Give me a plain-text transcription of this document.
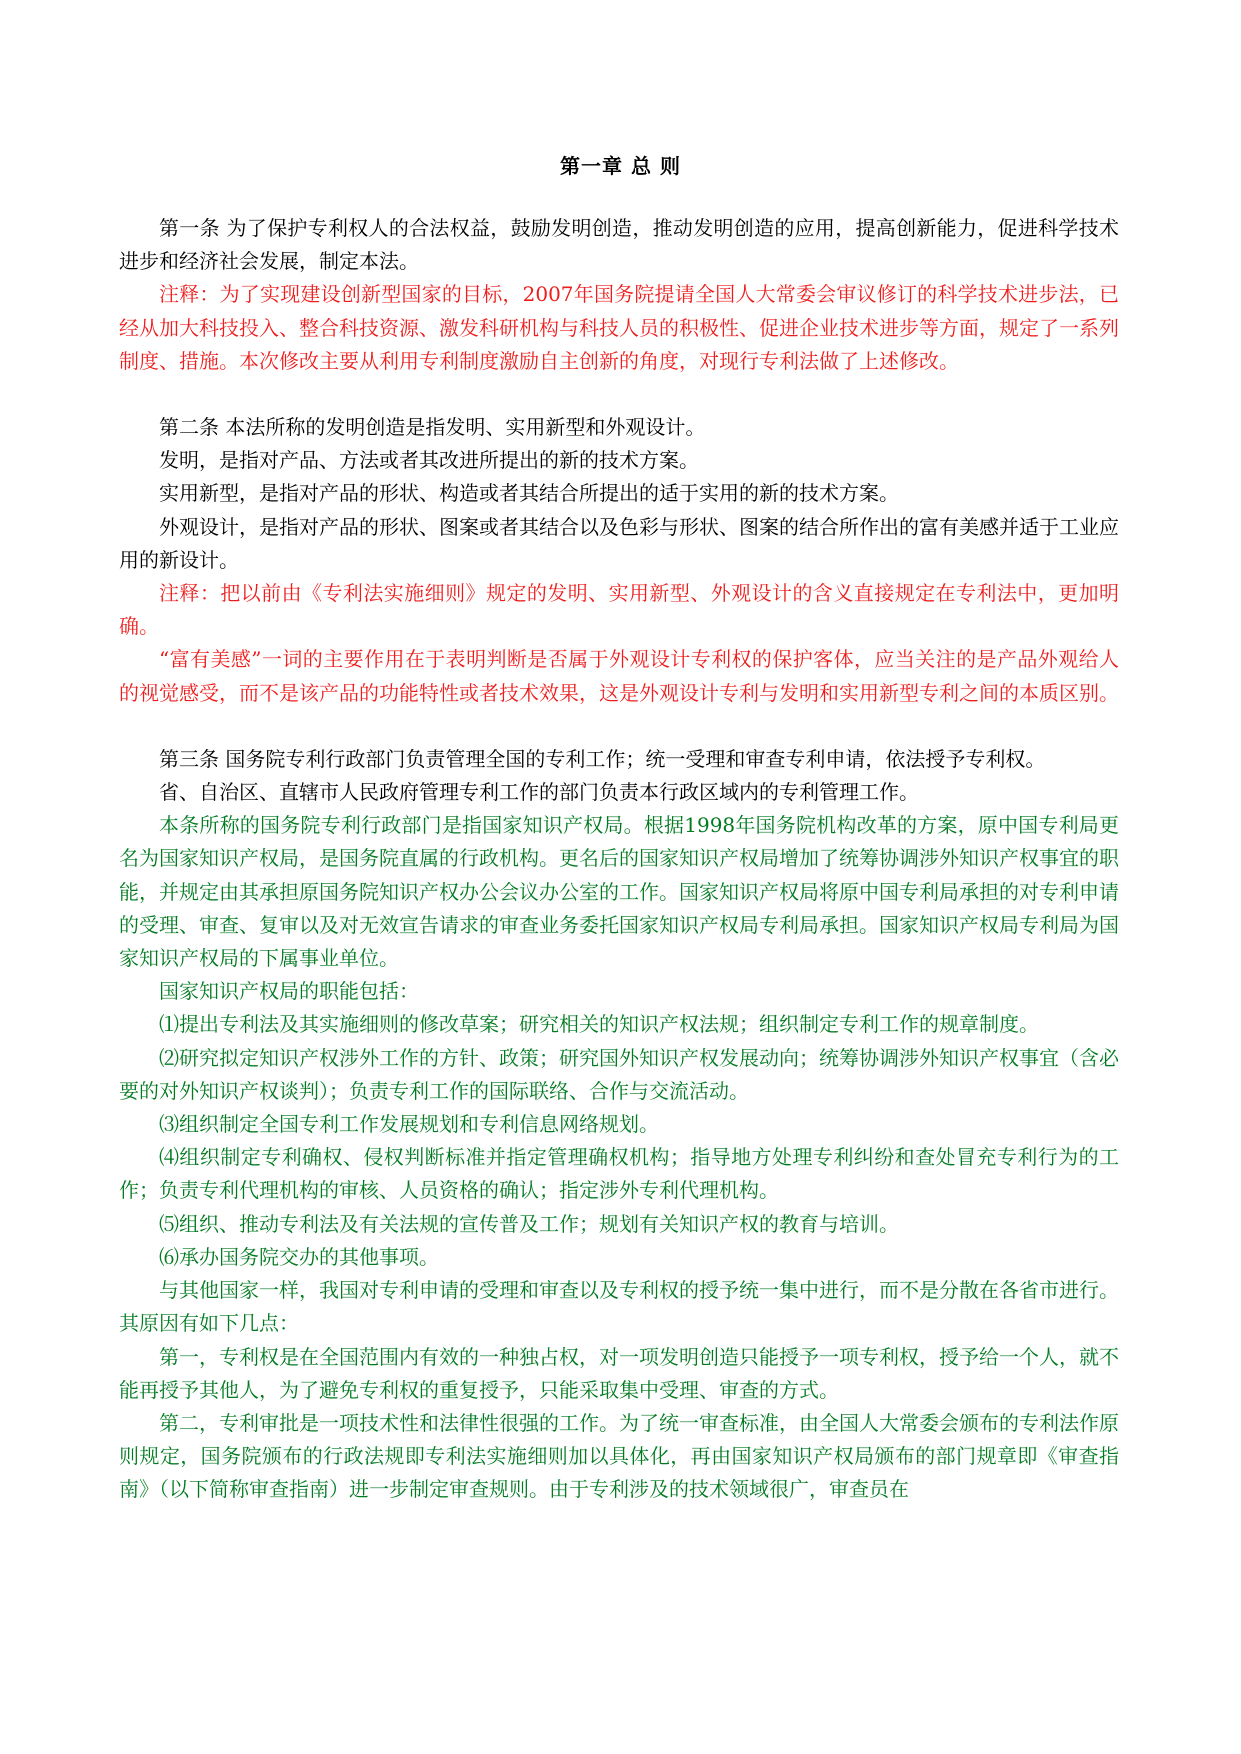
第一章 总 则

第一条 为了保护专利权人的合法权益，鼓励发明创造，推动发明创造的应用，提高创新能力，促进科学技术进步和经济社会发展，制定本法。

注释：为了实现建设创新型国家的目标，2007年国务院提请全国人大常委会审议修订的科学技术进步法，已经从加大科技投入、整合科技资源、激发科研机构与科技人员的积极性、促进企业技术进步等方面，规定了一系列制度、措施。本次修改主要从利用专利制度激励自主创新的角度，对现行专利法做了上述修改。

第二条 本法所称的发明创造是指发明、实用新型和外观设计。

发明，是指对产品、方法或者其改进所提出的新的技术方案。

实用新型，是指对产品的形状、构造或者其结合所提出的适于实用的新的技术方案。

外观设计，是指对产品的形状、图案或者其结合以及色彩与形状、图案的结合所作出的富有美感并适于工业应用的新设计。

注释：把以前由《专利法实施细则》规定的发明、实用新型、外观设计的含义直接规定在专利法中，更加明确。

“富有美感”一词的主要作用在于表明判断是否属于外观设计专利权的保护客体，应当关注的是产品外观给人的视觉感受，而不是该产品的功能特性或者技术效果，这是外观设计专利与发明和实用新型专利之间的本质区别。

第三条 国务院专利行政部门负责管理全国的专利工作；统一受理和审查专利申请，依法授予专利权。

省、自治区、直辖市人民政府管理专利工作的部门负责本行政区域内的专利管理工作。

本条所称的国务院专利行政部门是指国家知识产权局。根据1998年国务院机构改革的方案，原中国专利局更名为国家知识产权局，是国务院直属的行政机构。更名后的国家知识产权局增加了统筹协调涉外知识产权事宜的职能，并规定由其承担原国务院知识产权办公会议办公室的工作。国家知识产权局将原中国专利局承担的对专利申请的受理、审查、复审以及对无效宣告请求的审查业务委托国家知识产权局专利局承担。国家知识产权局专利局为国家知识产权局的下属事业单位。

国家知识产权局的职能包括：

⑴提出专利法及其实施细则的修改草案；研究相关的知识产权法规；组织制定专利工作的规章制度。

⑵研究拟定知识产权涉外工作的方针、政策；研究国外知识产权发展动向；统筹协调涉外知识产权事宜（含必要的对外知识产权谈判）；负责专利工作的国际联络、合作与交流活动。

⑶组织制定全国专利工作发展规划和专利信息网络规划。

⑷组织制定专利确权、侵权判断标准并指定管理确权机构；指导地方处理专利纠纷和查处冒充专利行为的工作；负责专利代理机构的审核、人员资格的确认；指定涉外专利代理机构。

⑸组织、推动专利法及有关法规的宣传普及工作；规划有关知识产权的教育与培训。

⑹承办国务院交办的其他事项。

与其他国家一样，我国对专利申请的受理和审查以及专利权的授予统一集中进行，而不是分散在各省市进行。其原因有如下几点：

第一，专利权是在全国范围内有效的一种独占权，对一项发明创造只能授予一项专利权，授予给一个人，就不能再授予其他人，为了避免专利权的重复授予，只能采取集中受理、审查的方式。

第二，专利审批是一项技术性和法律性很强的工作。为了统一审查标准，由全国人大常委会颁布的专利法作原则规定，国务院颁布的行政法规即专利法实施细则加以具体化，再由国家知识产权局颁布的部门规章即《审查指南》（以下简称审查指南）进一步制定审查规则。由于专利涉及的技术领域很广，审查员在
